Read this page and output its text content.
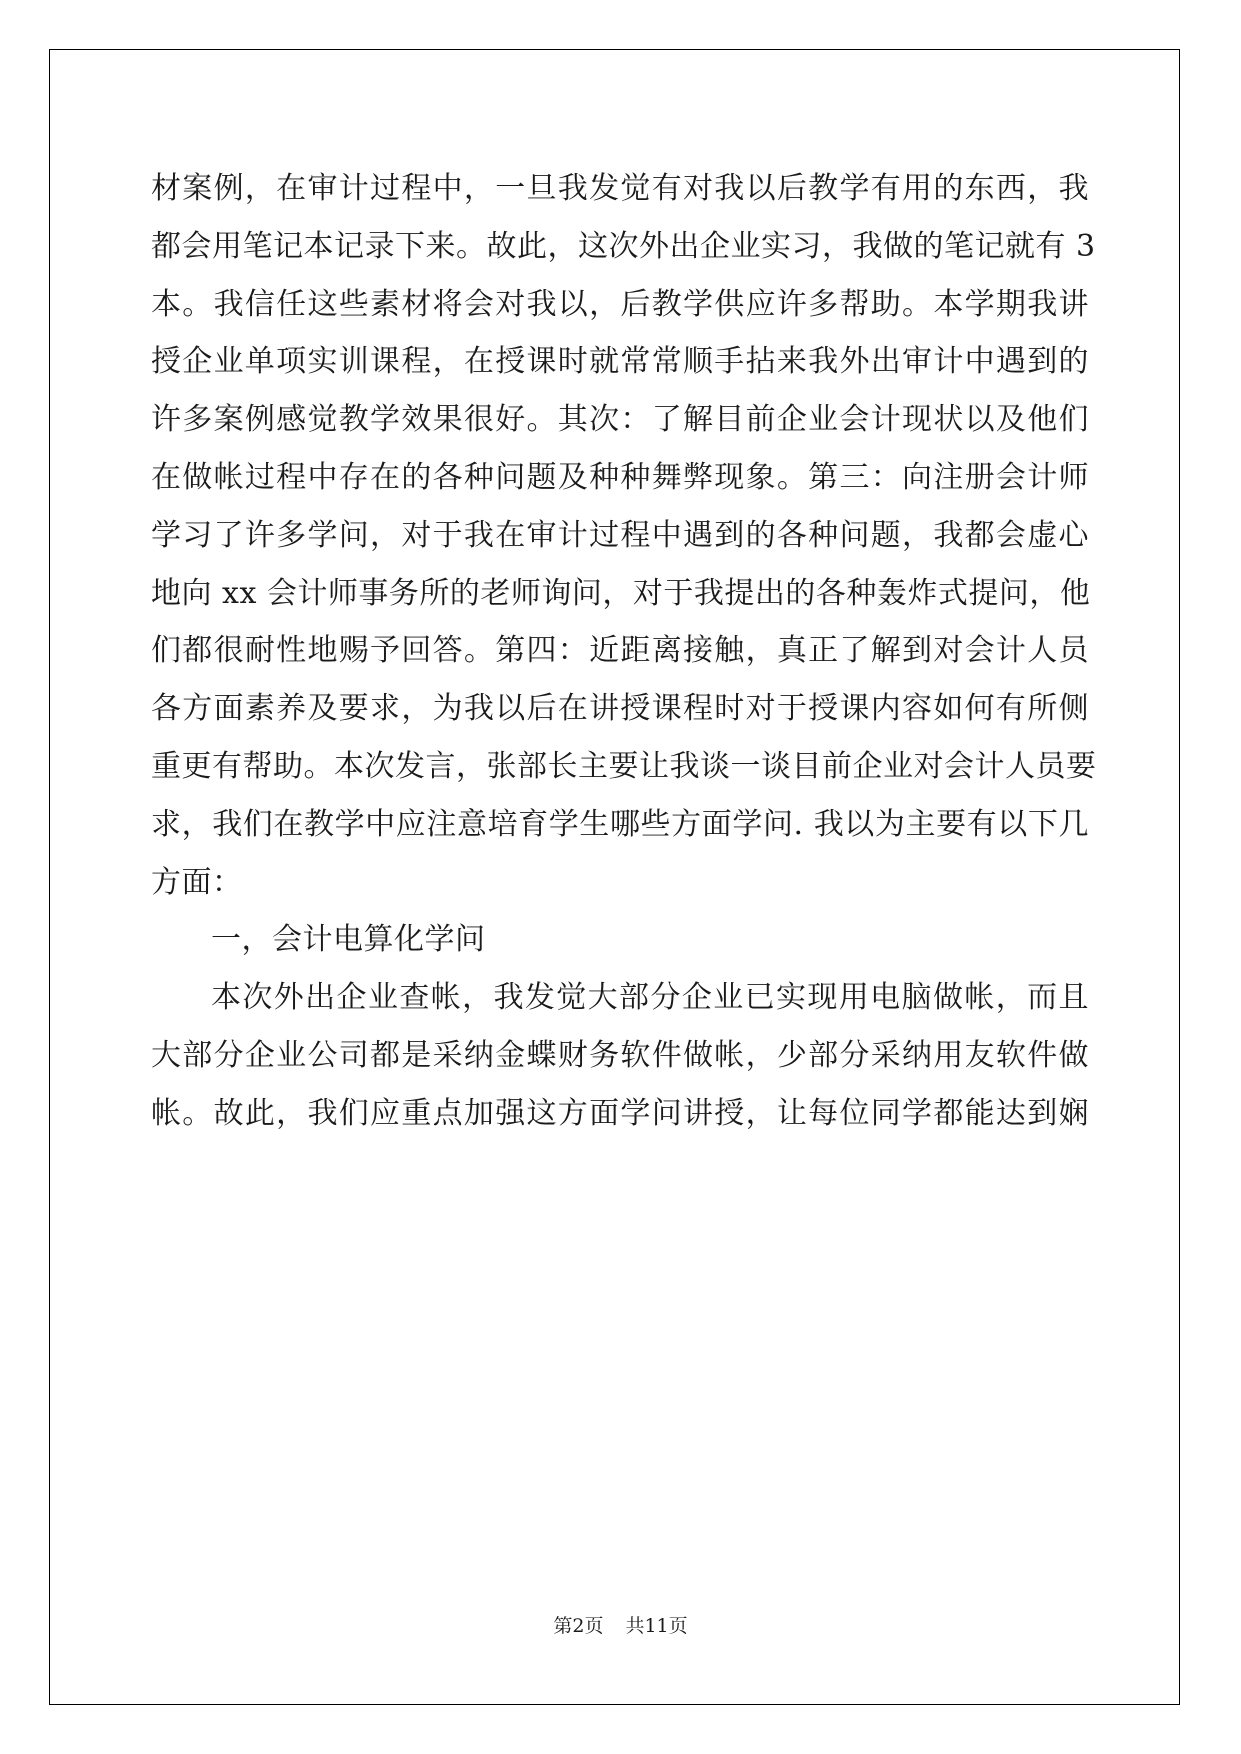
材案例，在审计过程中，一旦我发觉有对我以后教学有用的东西，我
都会用笔记本记录下来。故此，这次外出企业实习，我做的笔记就有 3
本。我信任这些素材将会对我以，后教学供应许多帮助。本学期我讲
授企业单项实训课程，在授课时就常常顺手拈来我外出审计中遇到的
许多案例感觉教学效果很好。其次：了解目前企业会计现状以及他们
在做帐过程中存在的各种问题及种种舞弊现象。第三：向注册会计师
学习了许多学问，对于我在审计过程中遇到的各种问题，我都会虚心
地向 xx 会计师事务所的老师询问，对于我提出的各种轰炸式提问，他
们都很耐性地赐予回答。第四：近距离接触，真正了解到对会计人员
各方面素养及要求，为我以后在讲授课程时对于授课内容如何有所侧
重更有帮助。本次发言，张部长主要让我谈一谈目前企业对会计人员要
求，我们在教学中应注意培育学生哪些方面学问. 我以为主要有以下几
方面：
一，会计电算化学问
本次外出企业查帐，我发觉大部分企业已实现用电脑做帐，而且
大部分企业公司都是采纳金蝶财务软件做帐，少部分采纳用友软件做
帐。故此，我们应重点加强这方面学问讲授，让每位同学都能达到娴
第2页 共11页
